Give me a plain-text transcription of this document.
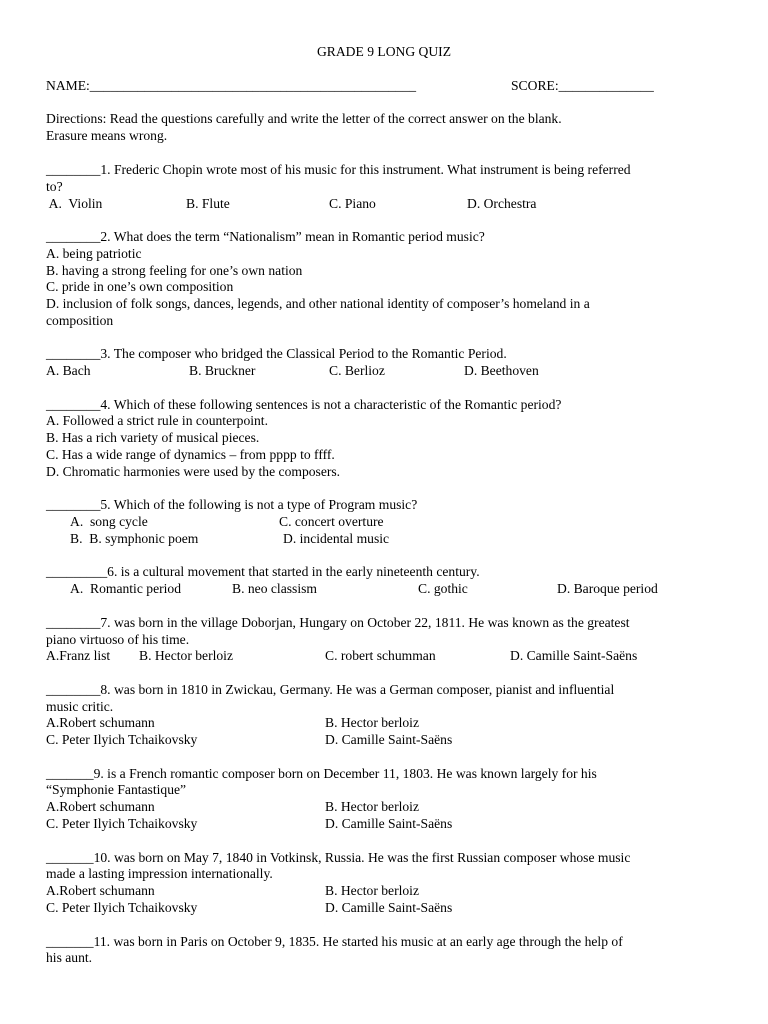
GRADE 9 LONG QUIZ
NAME:________________________________________________	SCORE:______________
Directions: Read the questions carefully and write the letter of the correct answer on the blank.
Erasure means wrong.
________1. Frederic Chopin wrote most of his music for this instrument. What instrument is being referred
to?
A.  Violin	B. Flute	C. Piano	D. Orchestra
________2. What does the term “Nationalism” mean in Romantic period music?
A. being patriotic
B. having a strong feeling for one’s own nation
C. pride in one’s own composition
D. inclusion of folk songs, dances, legends, and other national identity of composer’s homeland in a
composition
________3. The composer who bridged the Classical Period to the Romantic Period.
A. Bach	B. Bruckner	C. Berlioz	D. Beethoven
________4. Which of these following sentences is not a characteristic of the Romantic period?
A. Followed a strict rule in counterpoint.
B. Has a rich variety of musical pieces.
C. Has a wide range of dynamics – from pppp to ffff.
D. Chromatic harmonies were used by the composers.
________5. Which of the following is not a type of Program music?
A.  song cycle	C. concert overture
B.  B. symphonic poem	D. incidental music
_________6. is a cultural movement that started in the early nineteenth century.
A.  Romantic period	B. neo classism	C. gothic	D. Baroque period
________7. was born in the village Doborjan, Hungary on October 22, 1811. He was known as the greatest
piano virtuoso of his time.
A.Franz list B. Hector berloiz	C. robert schumman	D. Camille Saint-Saëns
________8. was born in 1810 in Zwickau, Germany. He was a German composer, pianist and influential
music critic.
A.Robert schumann	B. Hector berloiz
C. Peter Ilyich Tchaikovsky	D. Camille Saint-Saëns
_______9. is a French romantic composer born on December 11, 1803. He was known largely for his
“Symphonie Fantastique”
A.Robert schumann	B. Hector berloiz
C. Peter Ilyich Tchaikovsky	D. Camille Saint-Saëns
_______10. was born on May 7, 1840 in Votkinsk, Russia. He was the first Russian composer whose music
made a lasting impression internationally.
A.Robert schumann	B. Hector berloiz
C. Peter Ilyich Tchaikovsky	D. Camille Saint-Saëns
_______11. was born in Paris on October 9, 1835. He started his music at an early age through the help of
his aunt.
